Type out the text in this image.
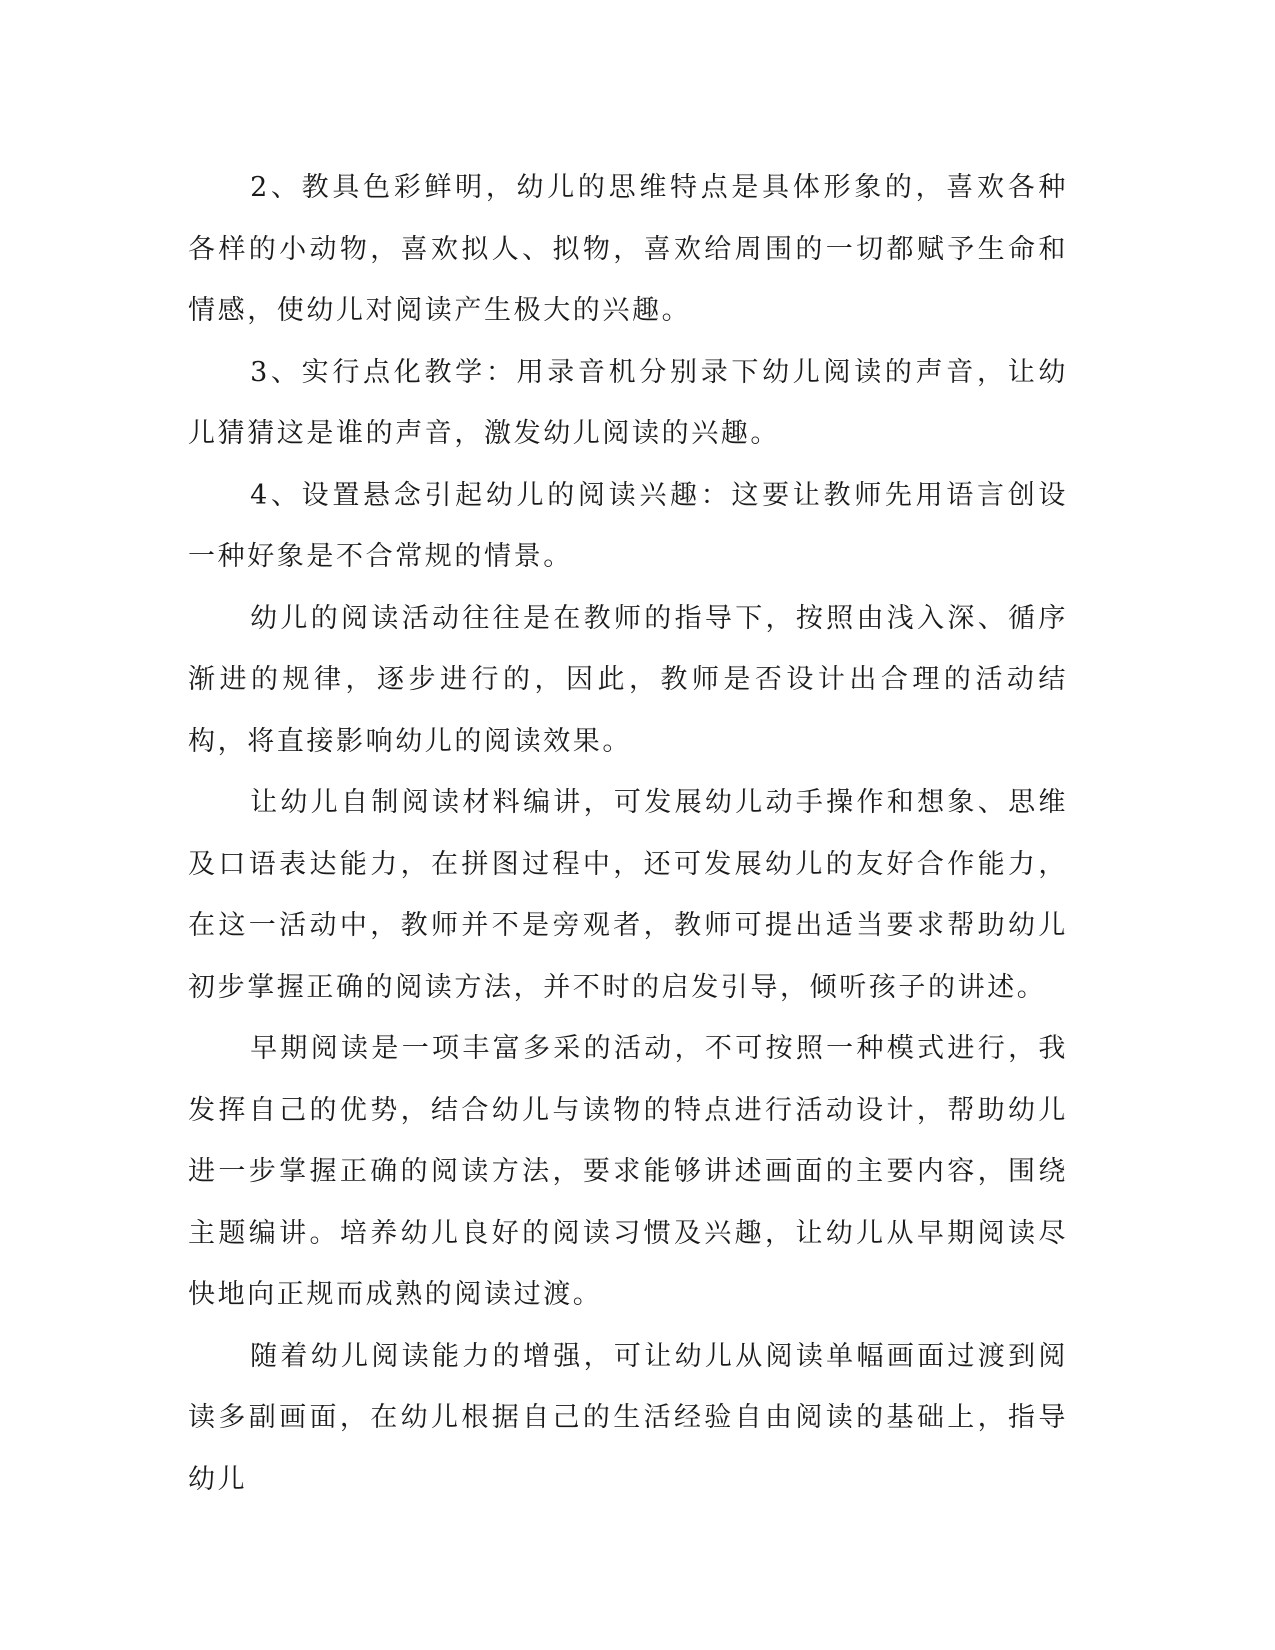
2、教具色彩鲜明，幼儿的思维特点是具体形象的，喜欢各种各样的小动物，喜欢拟人、拟物，喜欢给周围的一切都赋予生命和情感，使幼儿对阅读产生极大的兴趣。

3、实行点化教学：用录音机分别录下幼儿阅读的声音，让幼儿猜猜这是谁的声音，激发幼儿阅读的兴趣。

4、设置悬念引起幼儿的阅读兴趣：这要让教师先用语言创设一种好象是不合常规的情景。

幼儿的阅读活动往往是在教师的指导下，按照由浅入深、循序渐进的规律，逐步进行的，因此，教师是否设计出合理的活动结构，将直接影响幼儿的阅读效果。

让幼儿自制阅读材料编讲，可发展幼儿动手操作和想象、思维及口语表达能力，在拼图过程中，还可发展幼儿的友好合作能力，在这一活动中，教师并不是旁观者，教师可提出适当要求帮助幼儿初步掌握正确的阅读方法，并不时的启发引导，倾听孩子的讲述。

早期阅读是一项丰富多采的活动，不可按照一种模式进行，我发挥自己的优势，结合幼儿与读物的特点进行活动设计，帮助幼儿进一步掌握正确的阅读方法，要求能够讲述画面的主要内容，围绕主题编讲。培养幼儿良好的阅读习惯及兴趣，让幼儿从早期阅读尽快地向正规而成熟的阅读过渡。

随着幼儿阅读能力的增强，可让幼儿从阅读单幅画面过渡到阅读多副画面，在幼儿根据自己的生活经验自由阅读的基础上，指导幼儿
